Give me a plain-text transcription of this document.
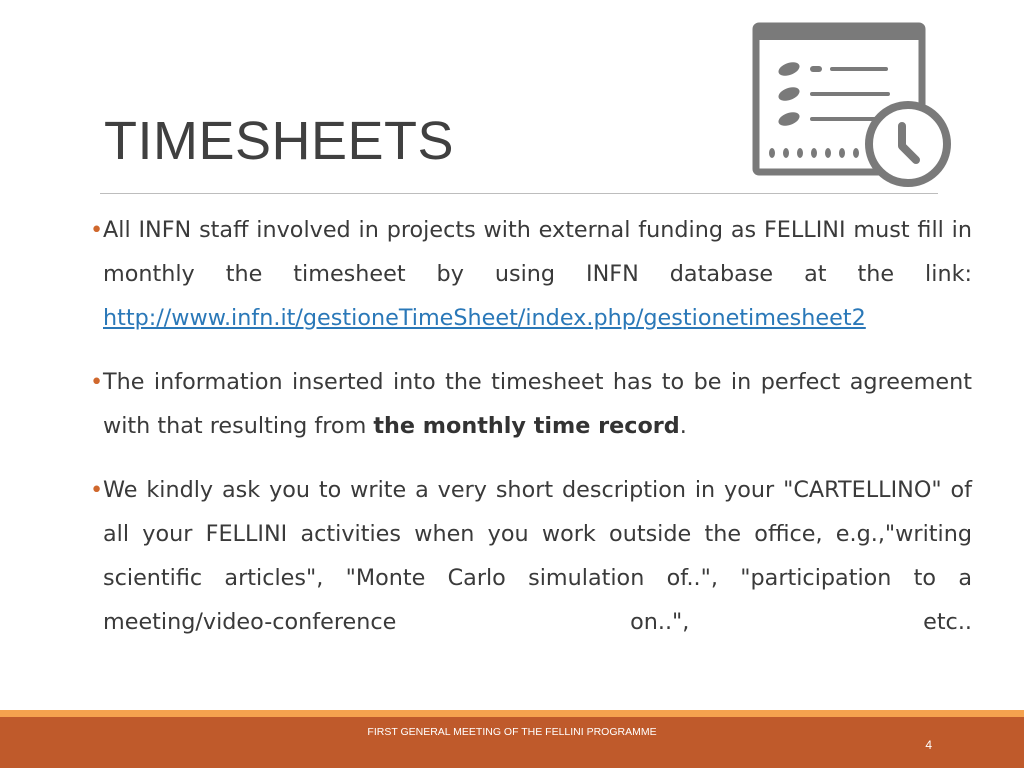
TIMESHEETS

• All INFN staff involved in projects with external funding as FELLINI must fill in monthly the timesheet by using INFN database at the link: http://www.infn.it/gestioneTimeSheet/index.php/gestionetimesheet2

• The information inserted into the timesheet has to be in perfect agreement with that resulting from the monthly time record.

• We kindly ask you to write a very short description in your "CARTELLINO" of all your FELLINI activities when you work outside the office, e.g.,"writing scientific articles", "Monte Carlo simulation of..", "participation to a meeting/video-conference on..", etc..

FIRST GENERAL MEETING OF THE FELLINI PROGRAMME
4
